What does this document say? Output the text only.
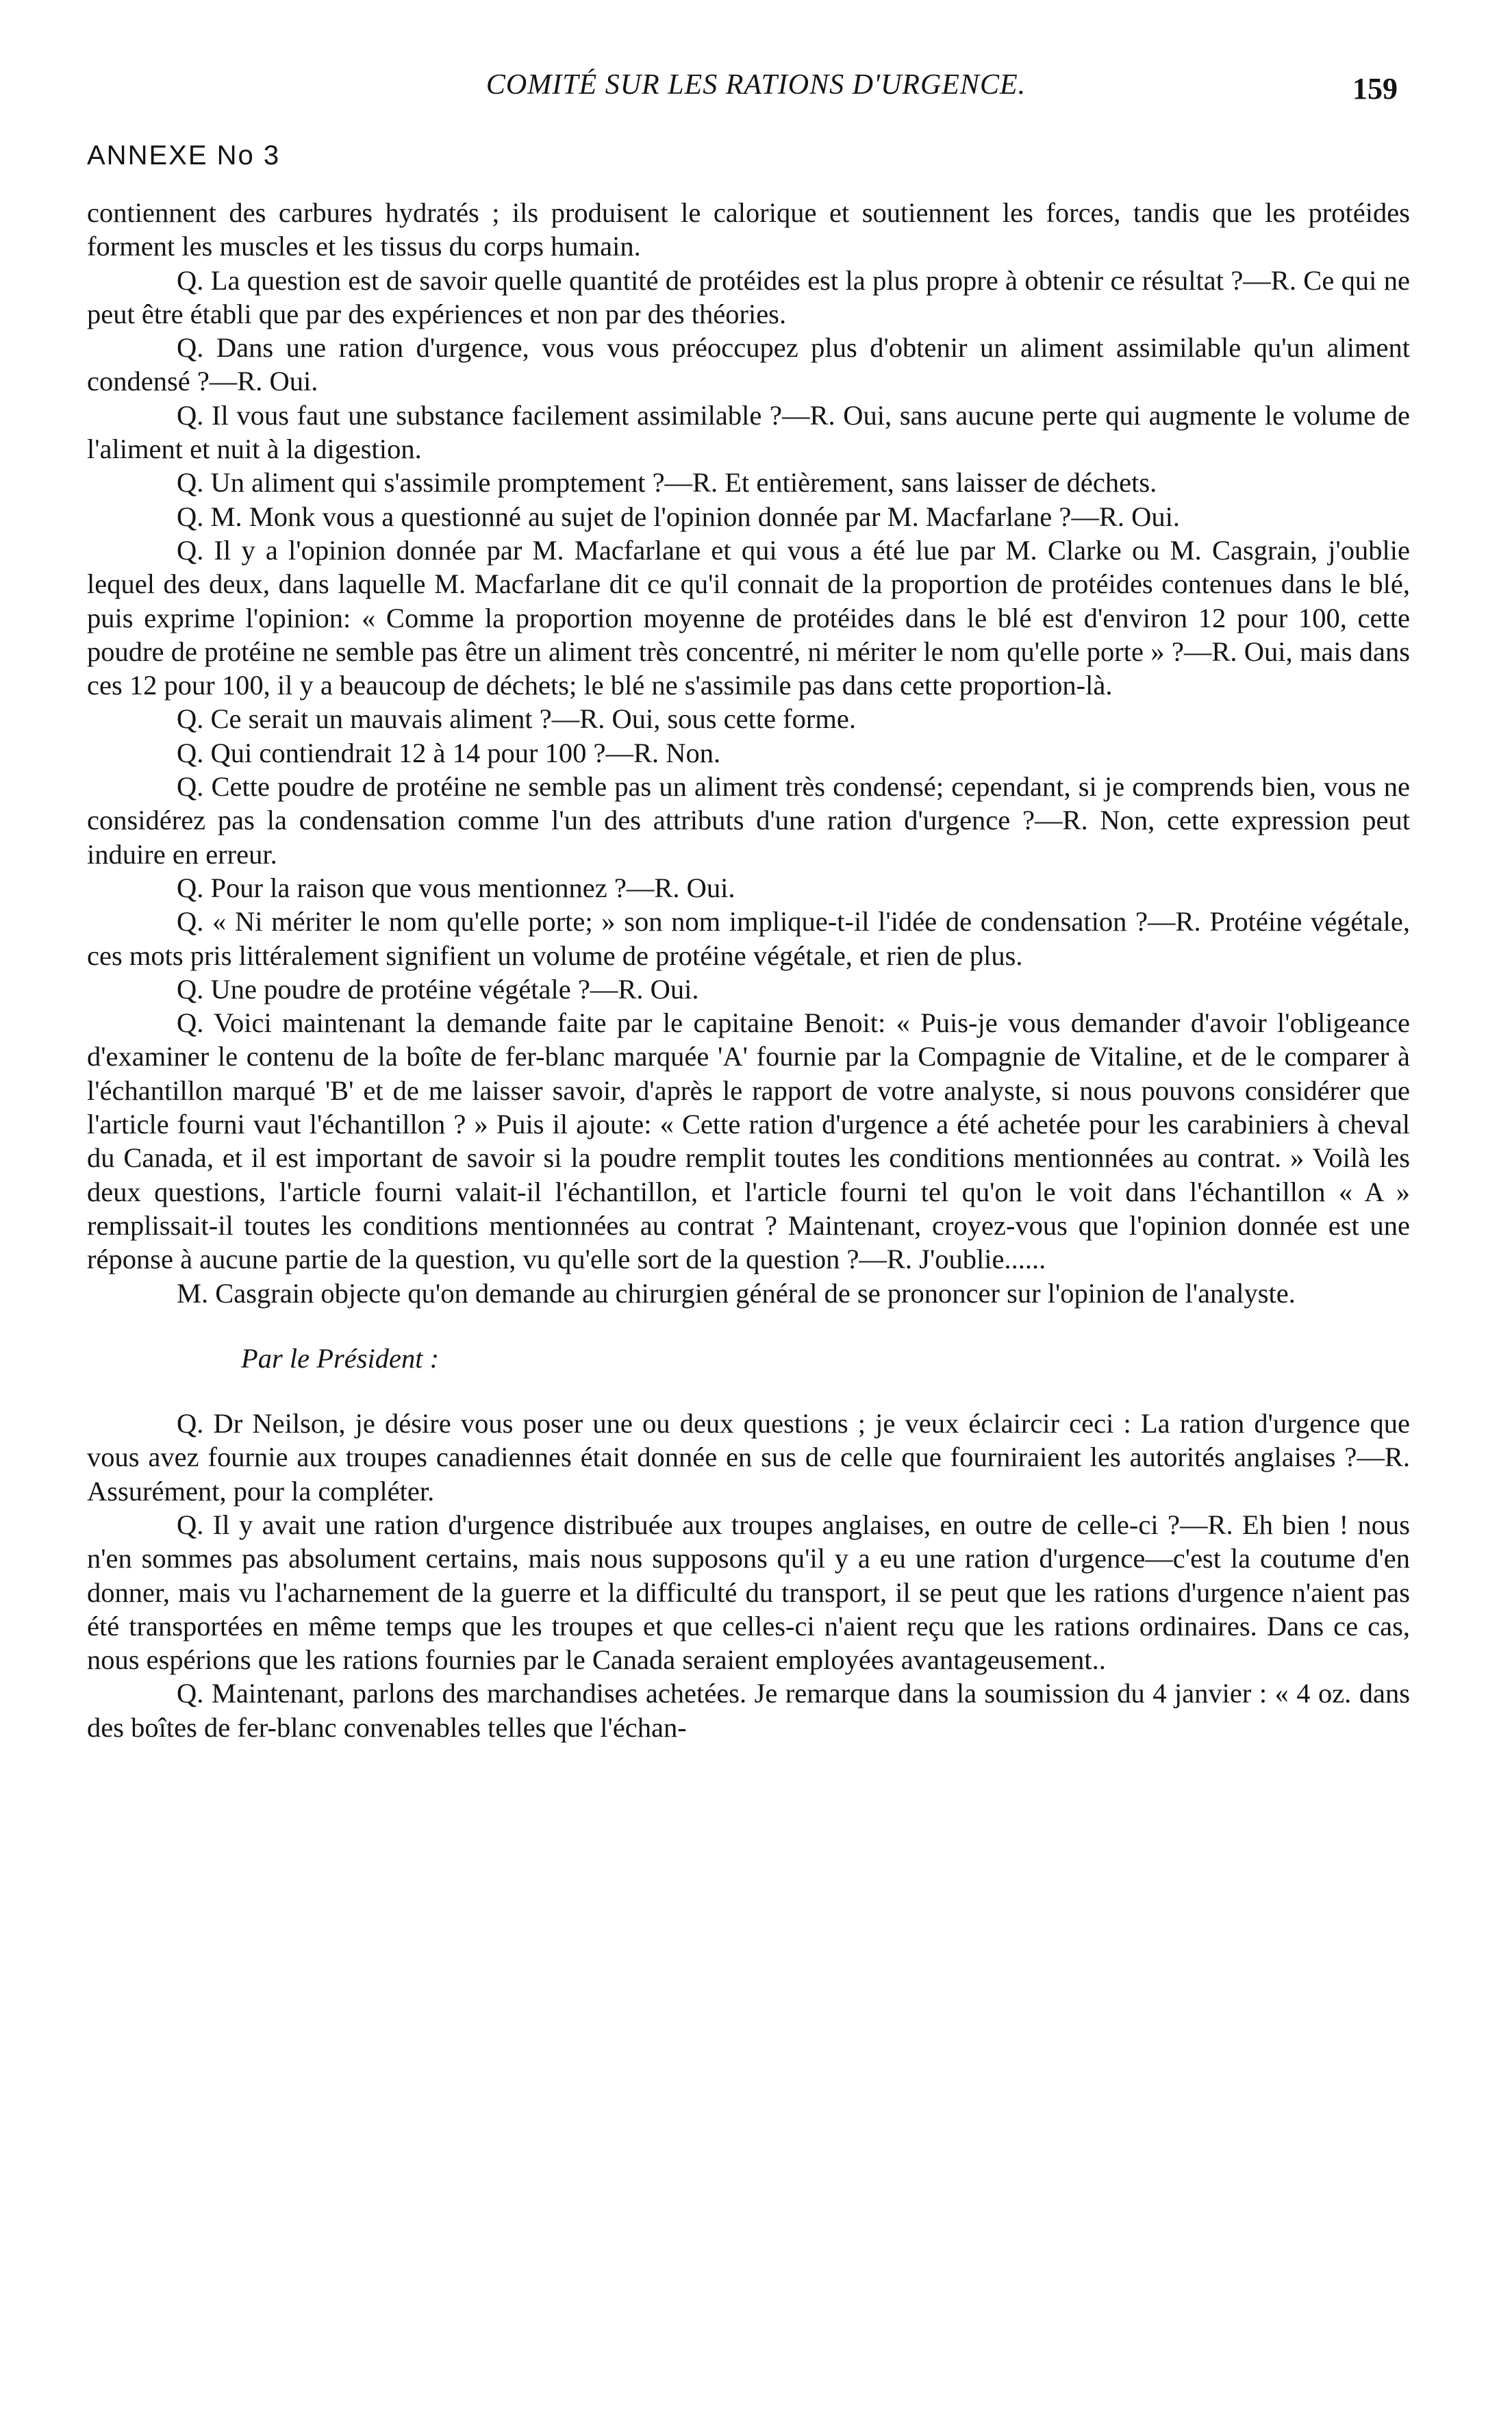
COMITÉ SUR LES RATIONS D'URGENCE.	159
ANNEXE No 3

contiennent des carbures hydratés ; ils produisent le calorique et soutiennent les forces, tandis que les protéides forment les muscles et les tissus du corps humain.

Q. La question est de savoir quelle quantité de protéides est la plus propre à obtenir ce résultat ?—R. Ce qui ne peut être établi que par des expériences et non par des théories.

Q. Dans une ration d'urgence, vous vous préoccupez plus d'obtenir un aliment assimilable qu'un aliment condensé ?—R. Oui.

Q. Il vous faut une substance facilement assimilable ?—R. Oui, sans aucune perte qui augmente le volume de l'aliment et nuit à la digestion.

Q. Un aliment qui s'assimile promptement ?—R. Et entièrement, sans laisser de déchets.

Q. M. Monk vous a questionné au sujet de l'opinion donnée par M. Macfarlane ?—R. Oui.

Q. Il y a l'opinion donnée par M. Macfarlane et qui vous a été lue par M. Clarke ou M. Casgrain, j'oublie lequel des deux, dans laquelle M. Macfarlane dit ce qu'il connait de la proportion de protéides contenues dans le blé, puis exprime l'opinion: « Comme la proportion moyenne de protéides dans le blé est d'environ 12 pour 100, cette poudre de protéine ne semble pas être un aliment très concentré, ni mériter le nom qu'elle porte » ?—R. Oui, mais dans ces 12 pour 100, il y a beaucoup de déchets; le blé ne s'assimile pas dans cette proportion-là.

Q. Ce serait un mauvais aliment ?—R. Oui, sous cette forme.

Q. Qui contiendrait 12 à 14 pour 100 ?—R. Non.

Q. Cette poudre de protéine ne semble pas un aliment très condensé; cependant, si je comprends bien, vous ne considérez pas la condensation comme l'un des attributs d'une ration d'urgence ?—R. Non, cette expression peut induire en erreur.

Q. Pour la raison que vous mentionnez ?—R. Oui.

Q. « Ni mériter le nom qu'elle porte; » son nom implique-t-il l'idée de condensation ?—R. Protéine végétale, ces mots pris littéralement signifient un volume de protéine végétale, et rien de plus.

Q. Une poudre de protéine végétale ?—R. Oui.

Q. Voici maintenant la demande faite par le capitaine Benoit: « Puis-je vous demander d'avoir l'obligeance d'examiner le contenu de la boîte de fer-blanc marquée 'A' fournie par la Compagnie de Vitaline, et de le comparer à l'échantillon marqué 'B' et de me laisser savoir, d'après le rapport de votre analyste, si nous pouvons considérer que l'article fourni vaut l'échantillon ? » Puis il ajoute: « Cette ration d'urgence a été achetée pour les carabiniers à cheval du Canada, et il est important de savoir si la poudre remplit toutes les conditions mentionnées au contrat. » Voilà les deux questions, l'article fourni valait-il l'échantillon, et l'article fourni tel qu'on le voit dans l'échantillon « A » remplissait-il toutes les conditions mentionnées au contrat ? Maintenant, croyez-vous que l'opinion donnée est une réponse à aucune partie de la question, vu qu'elle sort de la question ?—R. J'oublie......

M. Casgrain objecte qu'on demande au chirurgien général de se prononcer sur l'opinion de l'analyste.

Par le Président :

Q. Dr Neilson, je désire vous poser une ou deux questions ; je veux éclaircir ceci : La ration d'urgence que vous avez fournie aux troupes canadiennes était donnée en sus de celle que fourniraient les autorités anglaises ?—R. Assurément, pour la compléter.

Q. Il y avait une ration d'urgence distribuée aux troupes anglaises, en outre de celle-ci ?—R. Eh bien ! nous n'en sommes pas absolument certains, mais nous supposons qu'il y a eu une ration d'urgence—c'est la coutume d'en donner, mais vu l'acharnement de la guerre et la difficulté du transport, il se peut que les rations d'urgence n'aient pas été transportées en même temps que les troupes et que celles-ci n'aient reçu que les rations ordinaires. Dans ce cas, nous espérions que les rations fournies par le Canada seraient employées avantageusement..

Q. Maintenant, parlons des marchandises achetées. Je remarque dans la soumission du 4 janvier : « 4 oz. dans des boîtes de fer-blanc convenables telles que l'échan-
